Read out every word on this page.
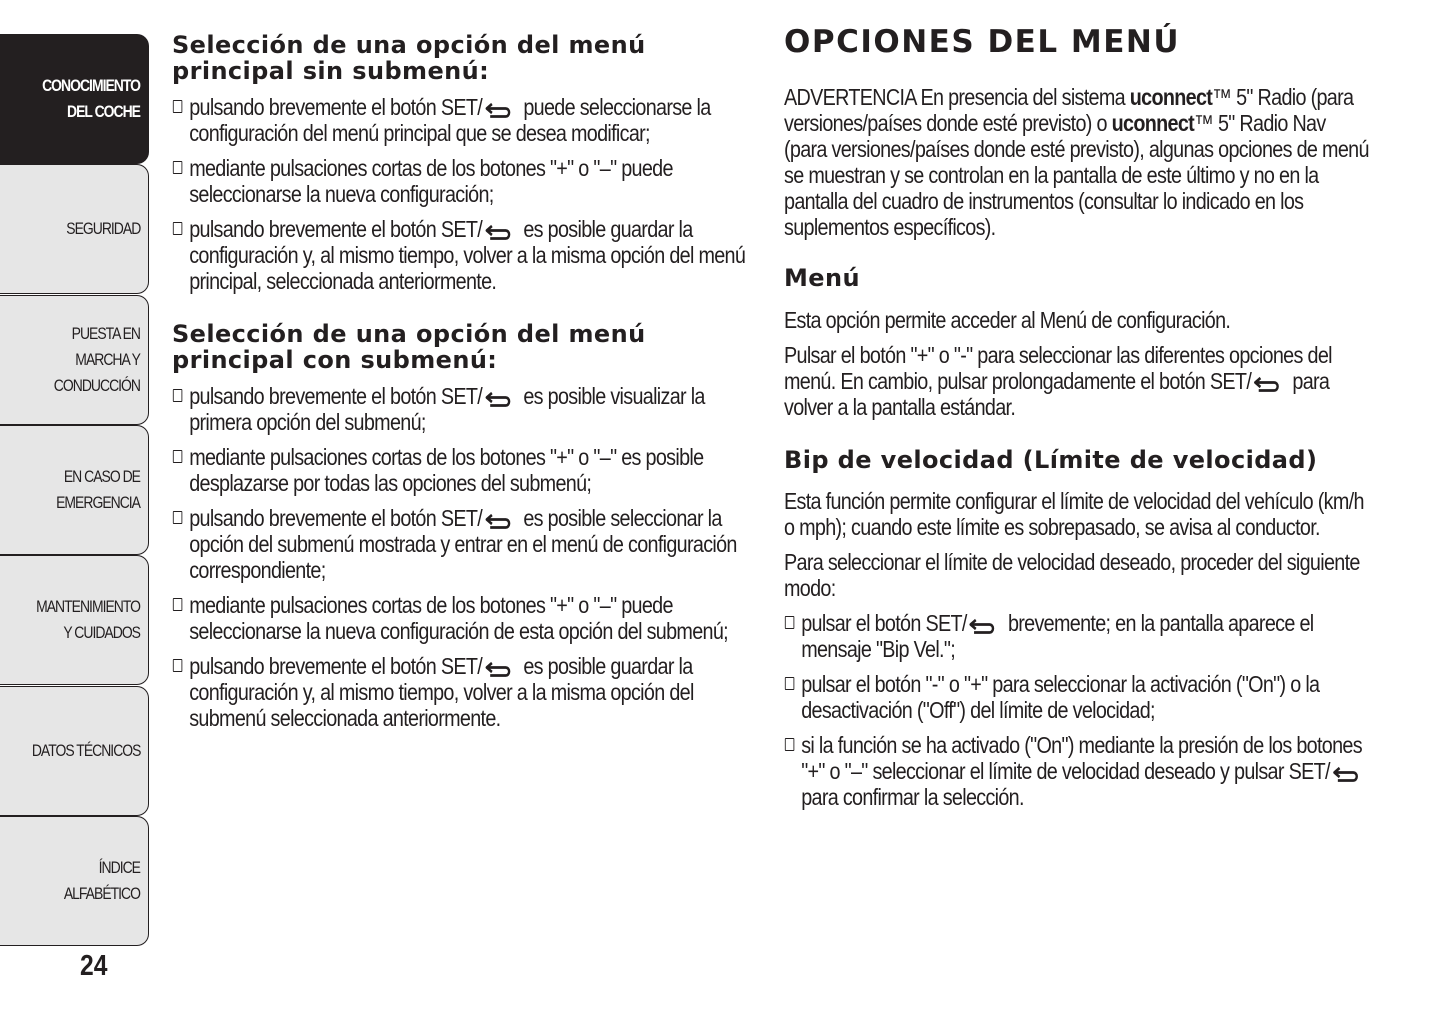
CONOCIMIENTO DEL COCHE
SEGURIDAD
PUESTA EN MARCHA Y CONDUCCIÓN
EN CASO DE EMERGENCIA
MANTENIMIENTO Y CUIDADOS
DATOS TÉCNICOS
ÍNDICE ALFABÉTICO
24
Selección de una opción del menú principal sin submenú:

pulsando brevemente el botón SET/ puede seleccionarse la configuración del menú principal que se desea modificar;

mediante pulsaciones cortas de los botones "+" o "–" puede seleccionarse la nueva configuración;

pulsando brevemente el botón SET/ es posible guardar la configuración y, al mismo tiempo, volver a la misma opción del menú principal, seleccionada anteriormente.

Selección de una opción del menú principal con submenú:

pulsando brevemente el botón SET/ es posible visualizar la primera opción del submenú;

mediante pulsaciones cortas de los botones "+" o "–" es posible desplazarse por todas las opciones del submenú;

pulsando brevemente el botón SET/ es posible seleccionar la opción del submenú mostrada y entrar en el menú de configuración correspondiente;

mediante pulsaciones cortas de los botones "+" o "–" puede seleccionarse la nueva configuración de esta opción del submenú;

pulsando brevemente el botón SET/ es posible guardar la configuración y, al mismo tiempo, volver a la misma opción del submenú seleccionada anteriormente.

OPCIONES DEL MENÚ

ADVERTENCIA En presencia del sistema uconnect™ 5" Radio (para versiones/países donde esté previsto) o uconnect™ 5" Radio Nav (para versiones/países donde esté previsto), algunas opciones de menú se muestran y se controlan en la pantalla de este último y no en la pantalla del cuadro de instrumentos (consultar lo indicado en los suplementos específicos).

Menú

Esta opción permite acceder al Menú de configuración.

Pulsar el botón "+" o "-" para seleccionar las diferentes opciones del menú. En cambio, pulsar prolongadamente el botón SET/ para volver a la pantalla estándar.

Bip de velocidad (Límite de velocidad)

Esta función permite configurar el límite de velocidad del vehículo (km/h o mph); cuando este límite es sobrepasado, se avisa al conductor.

Para seleccionar el límite de velocidad deseado, proceder del siguiente modo:

pulsar el botón SET/ brevemente; en la pantalla aparece el mensaje "Bip Vel.";

pulsar el botón "-" o "+" para seleccionar la activación ("On") o la desactivación ("Off") del límite de velocidad;

si la función se ha activado ("On") mediante la presión de los botones "+" o "–" seleccionar el límite de velocidad deseado y pulsar SET/
para confirmar la selección.
